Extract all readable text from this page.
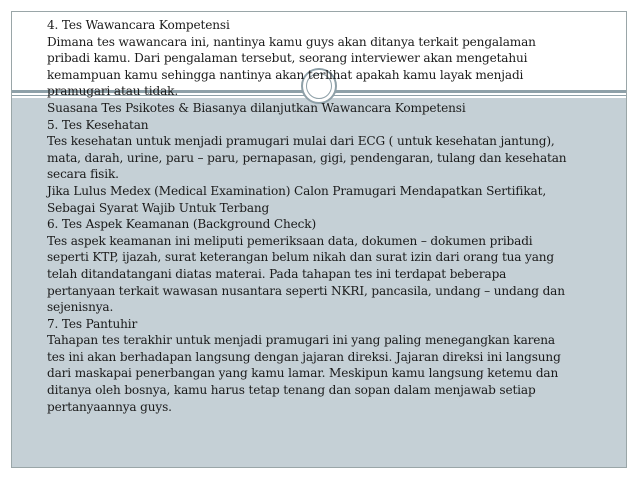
4. Tes Wawancara Kompetensi
Dimana tes wawancara ini, nantinya kamu guys akan ditanya terkait pengalaman
pribadi kamu. Dari pengalaman tersebut, seorang interviewer akan mengetahui
kemampuan kamu sehingga nantinya akan terlihat apakah kamu layak menjadi
pramugari atau tidak.
Suasana Tes Psikotes & Biasanya dilanjutkan Wawancara Kompetensi
5. Tes Kesehatan
Tes kesehatan untuk menjadi pramugari mulai dari ECG ( untuk kesehatan jantung),
mata, darah, urine, paru – paru, pernapasan, gigi, pendengaran, tulang dan kesehatan
secara fisik.
Jika Lulus Medex (Medical Examination) Calon Pramugari Mendapatkan Sertifikat,
Sebagai Syarat Wajib Untuk Terbang
6. Tes Aspek Keamanan (Background Check)
Tes aspek keamanan ini meliputi pemeriksaan data, dokumen – dokumen pribadi
seperti KTP, ijazah, surat keterangan belum nikah dan surat izin dari orang tua yang
telah ditandatangani diatas materai. Pada tahapan tes ini terdapat beberapa
pertanyaan terkait wawasan nusantara seperti NKRI, pancasila, undang – undang dan
sejenisnya.
7. Tes Pantuhir
Tahapan tes terakhir untuk menjadi pramugari ini yang paling menegangkan karena
tes ini akan berhadapan langsung dengan jajaran direksi. Jajaran direksi ini langsung
dari maskapai penerbangan yang kamu lamar. Meskipun kamu langsung ketemu dan
ditanya oleh bosnya, kamu harus tetap tenang dan sopan dalam menjawab setiap
pertanyaannya guys.
